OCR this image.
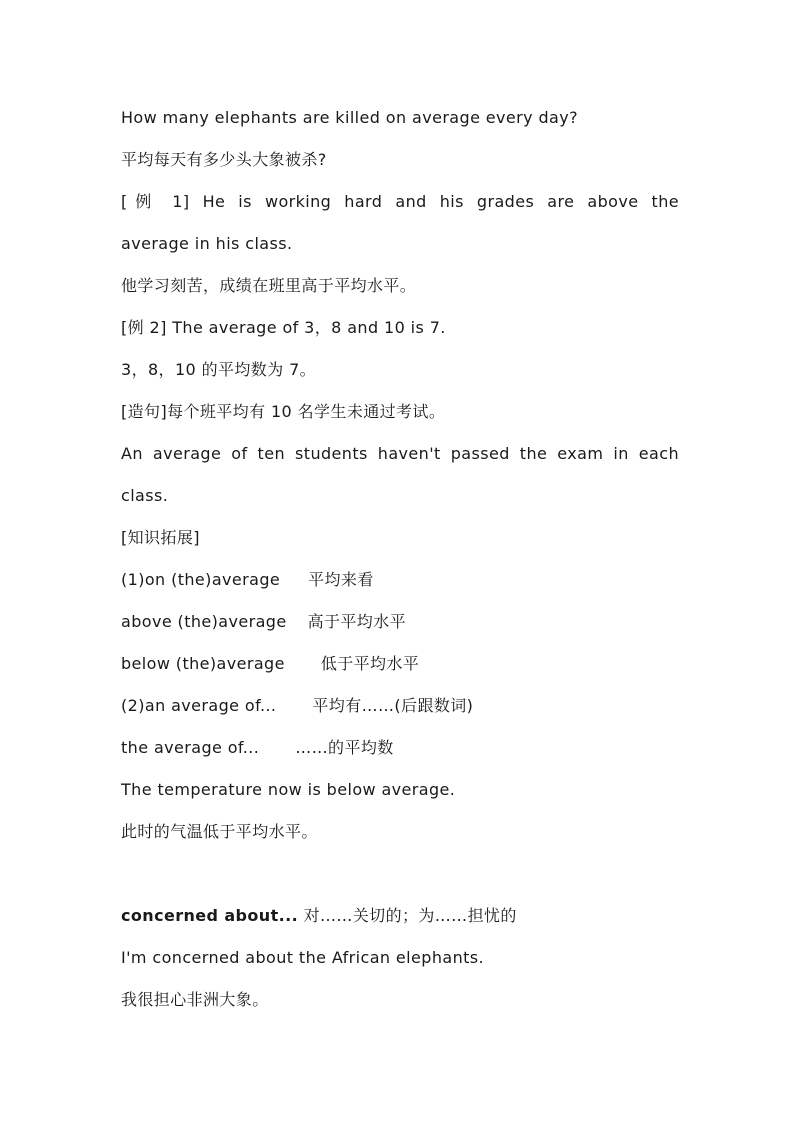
How many elephants are killed on average every day?
平均每天有多少头大象被杀?
[例 1] He is working hard and his grades are above the
average in his class.
他学习刻苦，成绩在班里高于平均水平。
[例 2] The average of 3，8 and 10 is 7.
3，8，10 的平均数为 7。
[造句]每个班平均有 10 名学生未通过考试。
An average of ten students haven't passed the exam in each
class.
[知识拓展]
(1)on (the)average 平均来看
above (the)average 高于平均水平
below (the)average 低于平均水平
(2)an average of... 平均有……(后跟数词)
the average of... ……的平均数
The temperature now is below average.
此时的气温低于平均水平。
concerned about... 对……关切的；为……担忧的
I'm concerned about the African elephants.
我很担心非洲大象。
